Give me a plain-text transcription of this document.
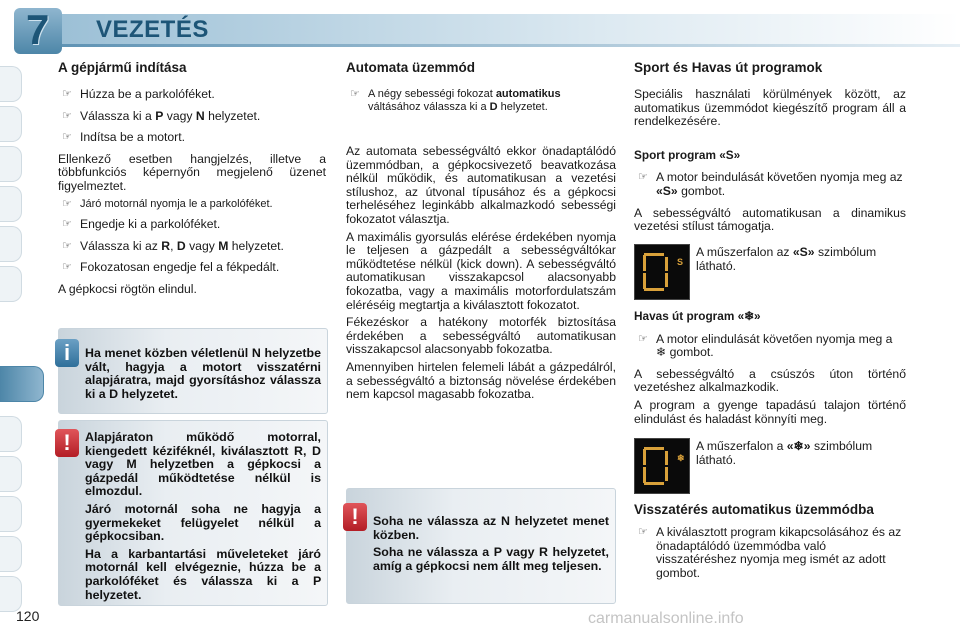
7 VEZETÉS
A gépjármű indítása
☞ Húzza be a parkolóféket.
☞ Válassza ki a P vagy N helyzetet.
☞ Indítsa be a motort.

Ellenkező esetben hangjelzés, illetve a többfunkciós képernyőn megjelenő üzenet figyelmeztet.

☞ Járó motornál nyomja le a parkolóféket.
☞ Engedje ki a parkolóféket.
☞ Válassza ki az R, D vagy M helyzetet.
☞ Fokozatosan engedje fel a fékpedált.

A gépkocsi rögtön elindul.

i	Ha menet közben véletlenül N helyzetbe vált, hagyja a motort visszatérni alapjáratra, majd gyorsításhoz válassza ki a D helyzetet.
!	Alapjáraton működő motorral, kiengedett kéziféknél, kiválasztott R, D vagy M helyzetben a gépkocsi a gázpedál működtetése nélkül is elmozdul.

Járó motornál soha ne hagyja a gyermekeket felügyelet nélkül a gépkocsiban.

Ha a karbantartási műveleteket járó motornál kell elvégeznie, húzza be a parkolóféket és válassza ki a P helyzetet.

Automata üzemmód
☞ A négy sebességi fokozat automatikus váltásához válassza ki a D helyzetet.

Az automata sebességváltó ekkor önadaptálódó üzemmódban, a gépkocsivezető beavatkozása nélkül működik, és automatikusan a vezetési stílushoz, az útvonal típusához és a gépkocsi terheléséhez leginkább alkalmazkodó sebességi fokozatot választja.

A maximális gyorsulás elérése érdekében nyomja le teljesen a gázpedált a sebességváltókar működtetése nélkül (kick down). A sebességváltó automatikusan visszakapcsol alacsonyabb fokozatba, vagy a maximális motorfordulatszám eléréséig megtartja a kiválasztott fokozatot.

Fékezéskor a hatékony motorfék biztosítása érdekében a sebességváltó automatikusan visszakapcsol alacsonyabb fokozatba.

Amennyiben hirtelen felemeli lábát a gázpedálról, a sebességváltó a biztonság növelése érdekében nem kapcsol magasabb fokozatba.

!	Soha ne válassza az N helyzetet menet közben.

Soha ne válassza a P vagy R helyzetet, amíg a gépkocsi nem állt meg teljesen.

Sport és Havas út programok

Speciális használati körülmények között, az automatikus üzemmódot kiegészítő program áll a rendelkezésére.

Sport program «S»
☞ A motor beindulását követően nyomja meg az «S» gombot.

A sebességváltó automatikusan a dinamikus vezetési stílust támogatja.

S
A műszerfalon az «S» szimbólum látható.
Havas út program «❄»
☞ A motor elindulását követően nyomja meg a ❄ gombot.

A sebességváltó a csúszós úton történő vezetéshez alkalmazkodik.

A program a gyenge tapadású talajon történő elindulást és haladást könnyíti meg.

❄
A műszerfalon a «❄» szimbólum látható.
Visszatérés automatikus üzemmódba
☞ A kiválasztott program kikapcsolásához és az önadaptálódó üzemmódba való visszatéréshez nyomja meg ismét az adott gombot.
120	carmanualsonline.info
